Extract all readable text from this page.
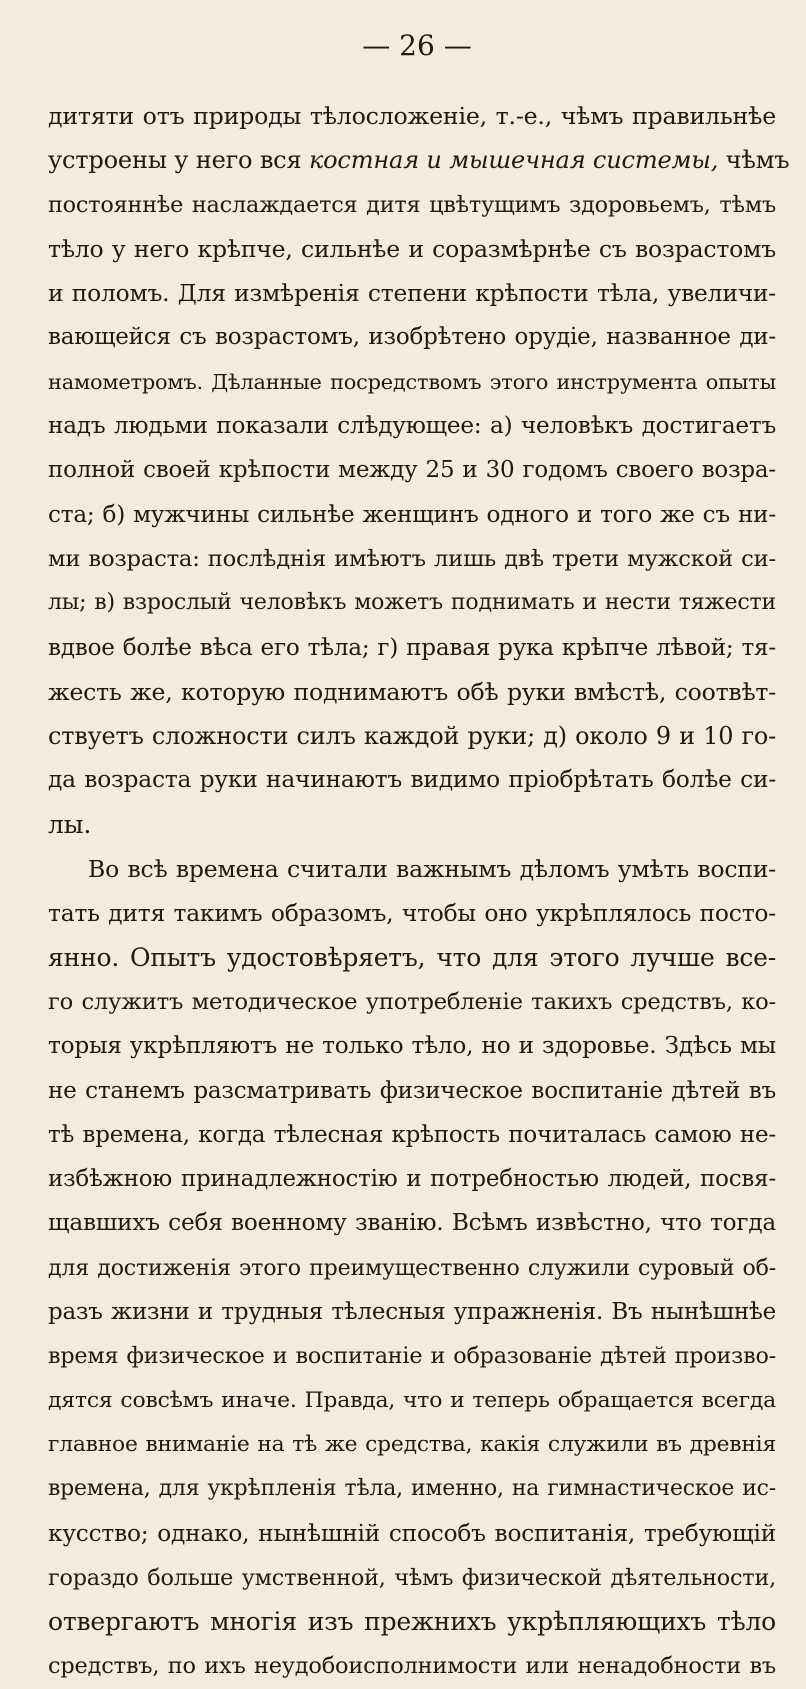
— 26 —
дитяти отъ природы тѣлосложеніе, т.-е., чѣмъ правильнѣе
устроены у него вся костная и мышечная системы, чѣмъ
постояннѣе наслаждается дитя цвѣтущимъ здоровьемъ, тѣмъ
тѣло у него крѣпче, сильнѣе и соразмѣрнѣе съ возрастомъ
и поломъ. Для измѣренія степени крѣпости тѣла, увеличи-
вающейся съ возрастомъ, изобрѣтено орудіе, названное ди-
намометромъ. Дѣланные посредствомъ этого инструмента опыты
надъ людьми показали слѣдующее: а) человѣкъ достигаетъ
полной своей крѣпости между 25 и 30 годомъ своего возра-
ста; б) мужчины сильнѣе женщинъ одного и того же съ ни-
ми возраста: послѣднія имѣютъ лишь двѣ трети мужской си-
лы; в) взрослый человѣкъ можетъ поднимать и нести тяжести
вдвое болѣе вѣса его тѣла; г) правая рука крѣпче лѣвой; тя-
жесть же, которую поднимаютъ обѣ руки вмѣстѣ, соотвѣт-
ствуетъ сложности силъ каждой руки; д) около 9 и 10 го-
да возраста руки начинаютъ видимо пріобрѣтать болѣе си-
лы.
Во всѣ времена считали важнымъ дѣломъ умѣть воспи-
тать дитя такимъ образомъ, чтобы оно укрѣплялось посто-
янно. Опытъ удостовѣряетъ, что для этого лучше все-
го служитъ методическое употребленіе такихъ средствъ, ко-
торыя укрѣпляютъ не только тѣло, но и здоровье. Здѣсь мы
не станемъ разсматривать физическое воспитаніе дѣтей въ
тѣ времена, когда тѣлесная крѣпость почиталась самою не-
избѣжною принадлежностію и потребностью людей, посвя-
щавшихъ себя военному званію. Всѣмъ извѣстно, что тогда
для достиженія этого преимущественно служили суровый об-
разъ жизни и трудныя тѣлесныя упражненія. Въ нынѣшнѣе
время физическое и воспитаніе и образованіе дѣтей произво-
дятся совсѣмъ иначе. Правда, что и теперь обращается всегда
главное вниманіе на тѣ же средства, какія служили въ древнія
времена, для укрѣпленія тѣла, именно, на гимнастическое ис-
кусство; однако, нынѣшній способъ воспитанія, требующій
гораздо больше умственной, чѣмъ физической дѣятельности,
отвергаютъ многія изъ прежнихъ укрѣпляющихъ тѣло
средствъ, по ихъ неудобоисполнимости или ненадобности въ
